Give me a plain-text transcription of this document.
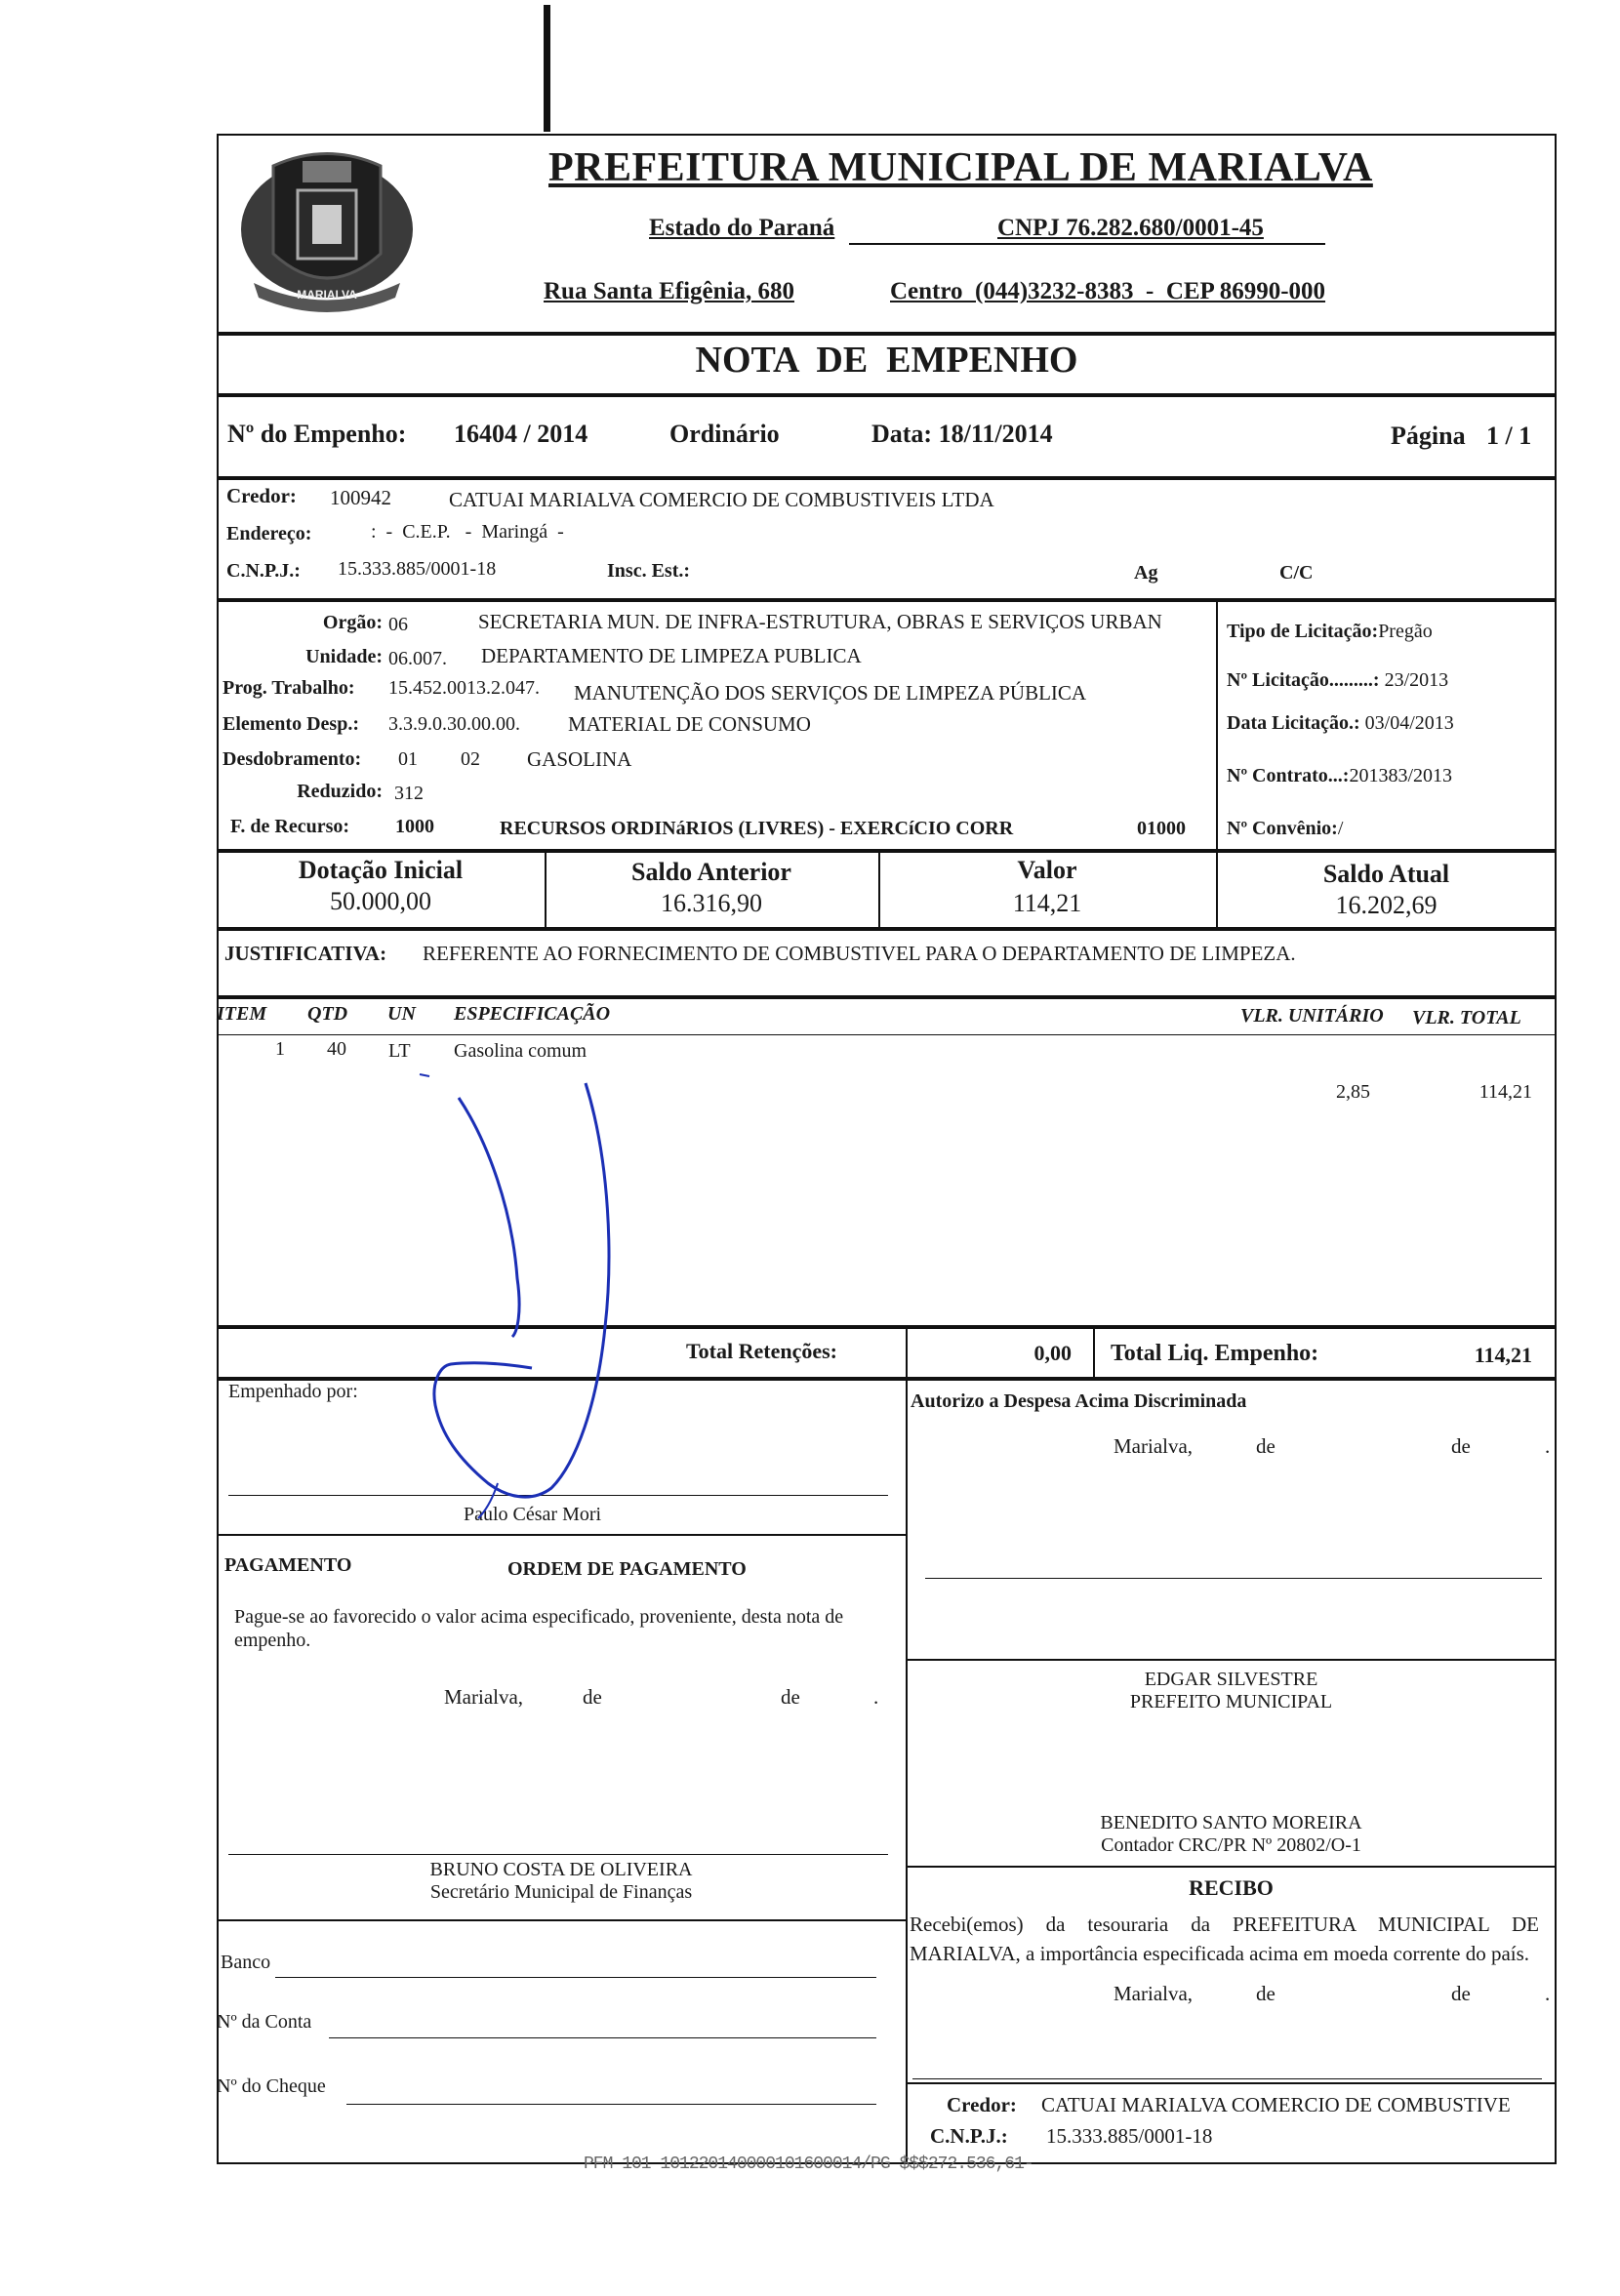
MARIALVA
PREFEITURA MUNICIPAL DE MARIALVA
Estado do Paraná	CNPJ 76.282.680/0001-45
Rua Santa Efigênia, 680	Centro  (044)3232-8383  -  CEP 86990-000
NOTA  DE  EMPENHO
Nº do Empenho: 16404 / 2014	Ordinário	Data: 18/11/2014	Página 1 / 1
Credor: 100942	CATUAI MARIALVA COMERCIO DE COMBUSTIVEIS LTDA
Endereço:	:  -  C.E.P.   -  Maringá  -
C.N.P.J.: 15.333.885/0001-18	Insc. Est.:	Ag	C/C
Orgão: 06	SECRETARIA MUN. DE INFRA-ESTRUTURA, OBRAS E SERVIÇOS URBAN
Unidade: 06.007. DEPARTAMENTO DE LIMPEZA PUBLICA
Prog. Trabalho: 15.452.0013.2.047. MANUTENÇÃO DOS SERVIÇOS DE LIMPEZA PÚBLICA
Elemento Desp.: 3.3.9.0.30.00.00. MATERIAL DE CONSUMO
Desdobramento: 01 02 GASOLINA
Reduzido: 312
F. de Recurso: 1000	RECURSOS ORDINáRIOS (LIVRES) - EXERCíCIO CORR	01000
Tipo de Licitação:Pregão
Nº Licitação.........: 23/2013
Data Licitação.: 03/04/2013
Nº Contrato...:201383/2013
Nº Convênio:/
Dotação Inicial
50.000,00
Saldo Anterior
16.316,90
Valor
114,21
Saldo Atual
16.202,69
JUSTIFICATIVA: REFERENTE AO FORNECIMENTO DE COMBUSTIVEL PARA O DEPARTAMENTO DE LIMPEZA.
ITEM QTD UN ESPECIFICAÇÃO	VLR. UNITÁRIO VLR. TOTAL
1 40 LT Gasolina comum
2,85	114,21
Total Retenções:	0,00 Total Liq. Empenho:	114,21
Empenhado por:
Paulo César Mori
Autorizo a Despesa Acima Discriminada
Marialva,	de	de	.
EDGAR SILVESTRE
PREFEITO MUNICIPAL
PAGAMENTO	ORDEM DE PAGAMENTO
Pague-se ao favorecido o valor acima especificado, proveniente, desta nota de empenho.
Marialva,	de	de	.
BRUNO COSTA DE OLIVEIRA
Secretário Municipal de Finanças
BENEDITO SANTO MOREIRA
Contador CRC/PR Nº 20802/O-1
RECIBO
Recebi(emos) da tesouraria da PREFEITURA MUNICIPAL DE MARIALVA, a importância especificada acima em moeda corrente do país.
Marialva,	de	de	.
Banco
Nº da Conta
Nº do Cheque
Credor: CATUAI MARIALVA COMERCIO DE COMBUSTIVE
C.N.P.J.: 15.333.885/0001-18
PFM 101 101220140000101600014/PG $$$272.536,61-
